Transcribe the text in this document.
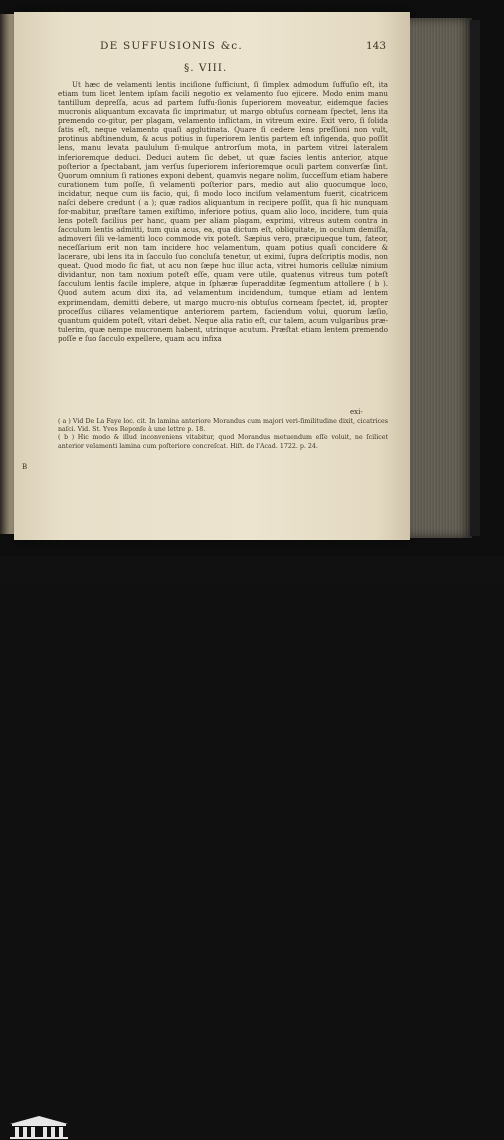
DE SUFFUSIONIS &c.	143
§. VIII.

Ut hæc de velamenti lentis inciſione ſufficiunt, ſi ſimplex admodum ſuffuſio eſt, ita etiam tum licet lentem ipſam facili negotio ex velamento ſuo ejicere. Modo enim manu tantillum depreſſa, acus ad partem ſuffu-ſionis ſuperiorem moveatur, eidemque facies mucronis aliquantum excavata ſic imprimatur, ut margo obtuſus corneam ſpectet, lens ita premendo co-gitur, per plagam, velamento inflictam, in vitreum exire. Exit vero, ſi ſolida ſatis eſt, neque velamento quaſi agglutinata. Quare ſi cedere lens preſſioni non vult, protinus abſtinendum, & acus potius in ſuperiorem lentis partem eſt infigenda, quo poſſit lens, manu levata paululum ſi-mulque antrorſum mota, in partem vitrei lateralem inferioremque deduci. Deduci autem ſic debet, ut quæ facies lentis anterior, atque poſterior a ſpectabant, jam verſus ſuperiorem inferioremque oculi partem converſæ ſint. Quorum omnium ſi rationes exponi debent, quamvis negare nolim, ſucceſſum etiam habere curationem tum poſſe, ſi velamenti poſterior pars, medio aut alio quocumque loco, incidatur, neque cum iis facio, qui, ſi modo loco inciſum velamentum fuerit, cicatricem naſci debere credunt ( a ); quæ radios aliquantum in recipere poſſit, qua ſi hic nunquam for-mabitur, præſtare tamen exiſtimo, inferiore potius, quam alio loco, incidere, tum quia lens poteſt facilius per hanc, quam per aliam plagam, exprimi, vitreus autem contra in ſacculum lentis admitti, tum quia acus, ea, qua dictum eſt, obliquitate, in oculum demiſſa, admoveri ſili ve-lamenti loco commode vix poteſt. Sæpius vero, præcipueque tum, fateor, neceſſarium erit non tam incidere hoc velamentum, quam potius quaſi concidere & lacerare, ubi lens ita in ſacculo ſuo concluſa tenetur, ut eximi, ſupra deſcriptis modis, non queat. Quod modo ſic fiat, ut acu non ſæpe huc illuc acta, vitrei humoris cellulæ nimium dividantur, non tam noxium poteſt eſſe, quam vere utile, quatenus vitreus tum poteſt ſacculum lentis facile implere, atque in ſphæræ ſuperadditæ ſegmentum attollere ( b ). Quod autem acum dixi ita, ad velamentum incidendum, tumque etiam ad lentem exprimendam, demitti debere, ut margo mucro-nis obtuſus corneam ſpectet, id, propter proceſſus ciliares velamentique anteriorem partem, faciendum volui, quorum læſio, quantum quidem poteſt, vitari debet. Neque alia ratio eſt, cur talem, acum vulgaribus præ-tulerim, quæ nempe mucronem habent, utrinque acutum. Præſtat etiam lentem premendo poſſe e ſuo ſacculo expellere, quam acu infixa

exi-
( a ) Vid De La Faye loc. cit. In lamina anteriore Morandus cum majori veri-ſimilitudine dixit, cicatrices naſci. Vid. St. Yves Reponſe à une lettre p. 18.
( b ) Hic modo & illud inconveniens vitabitur, quod Morandus metuendum eſſe voluit, ne ſcilicet anterior velamenti lamina cum poſteriore concreſcat. Hiſt. de l'Acad. 1722. p. 24.
B
